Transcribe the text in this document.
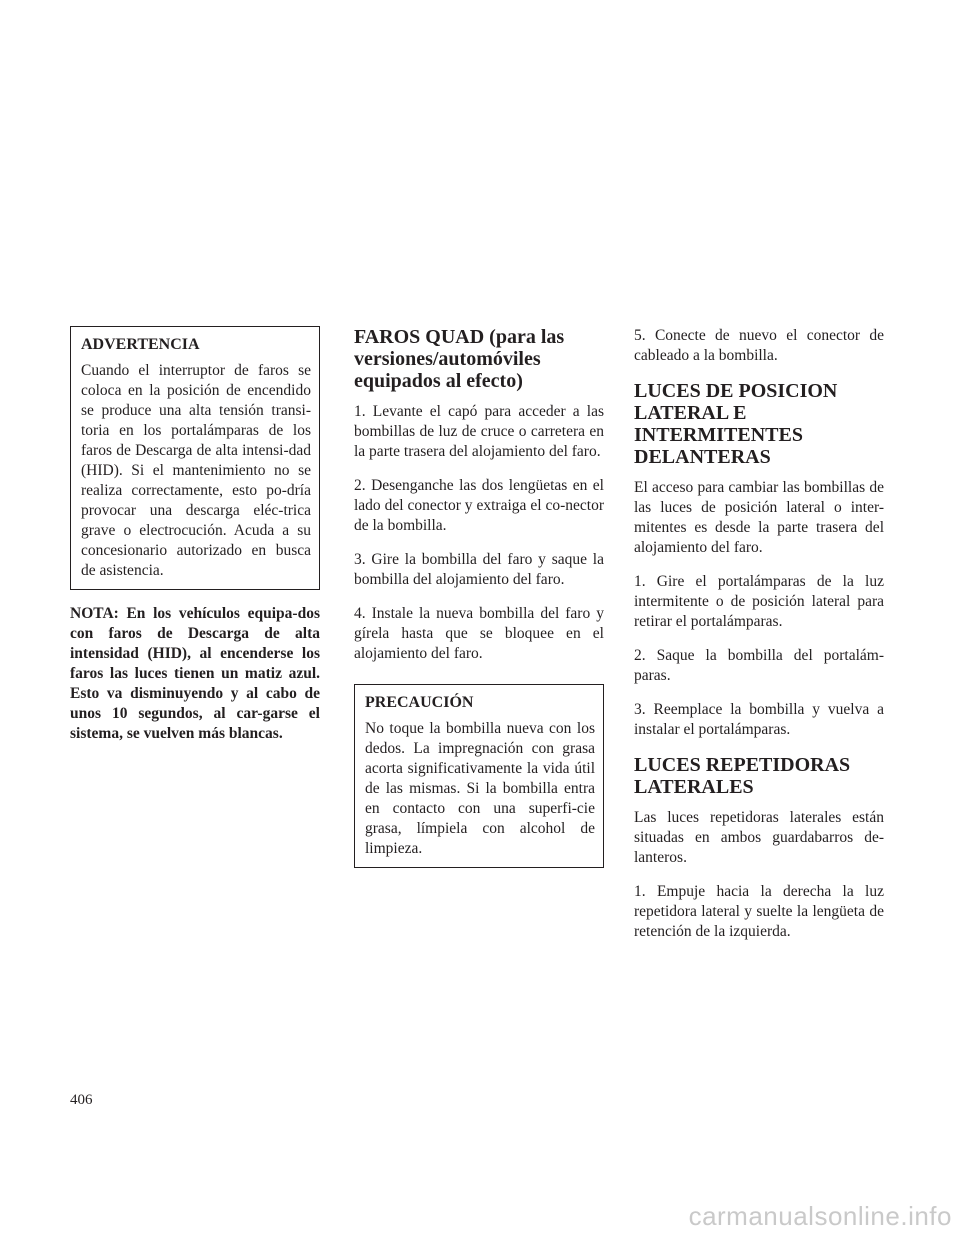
ADVERTENCIA

Cuando el interruptor de faros se coloca en la posición de encendido se produce una alta tensión transi-toria en los portalámparas de los faros de Descarga de alta intensi-dad (HID). Si el mantenimiento no se realiza correctamente, esto po-dría provocar una descarga eléc-trica grave o electrocución. Acuda a su concesionario autorizado en busca de asistencia.

NOTA: En los vehículos equipa-dos con faros de Descarga de alta intensidad (HID), al encenderse los faros las luces tienen un matiz azul. Esto va disminuyendo y al cabo de unos 10 segundos, al car-garse el sistema, se vuelven más blancas.

FAROS QUAD (para las versiones/automóviles equipados al efecto)

1. Levante el capó para acceder a las bombillas de luz de cruce o carretera en la parte trasera del alojamiento del faro.

2. Desenganche las dos lengüetas en el lado del conector y extraiga el co-nector de la bombilla.

3. Gire la bombilla del faro y saque la bombilla del alojamiento del faro.

4. Instale la nueva bombilla del faro y gírela hasta que se bloquee en el alojamiento del faro.

PRECAUCIÓN

No toque la bombilla nueva con los dedos. La impregnación con grasa acorta significativamente la vida útil de las mismas. Si la bombilla entra en contacto con una superfi-cie grasa, límpiela con alcohol de limpieza.

5. Conecte de nuevo el conector de cableado a la bombilla.

LUCES DE POSICION LATERAL E INTERMITENTES DELANTERAS

El acceso para cambiar las bombillas de las luces de posición lateral o inter-mitentes es desde la parte trasera del alojamiento del faro.

1. Gire el portalámparas de la luz intermitente o de posición lateral para retirar el portalámparas.

2. Saque la bombilla del portalám-paras.

3. Reemplace la bombilla y vuelva a instalar el portalámparas.

LUCES REPETIDORAS LATERALES

Las luces repetidoras laterales están situadas en ambos guardabarros de-lanteros.

1. Empuje hacia la derecha la luz repetidora lateral y suelte la lengüeta de retención de la izquierda.

406
carmanualsonline.info
